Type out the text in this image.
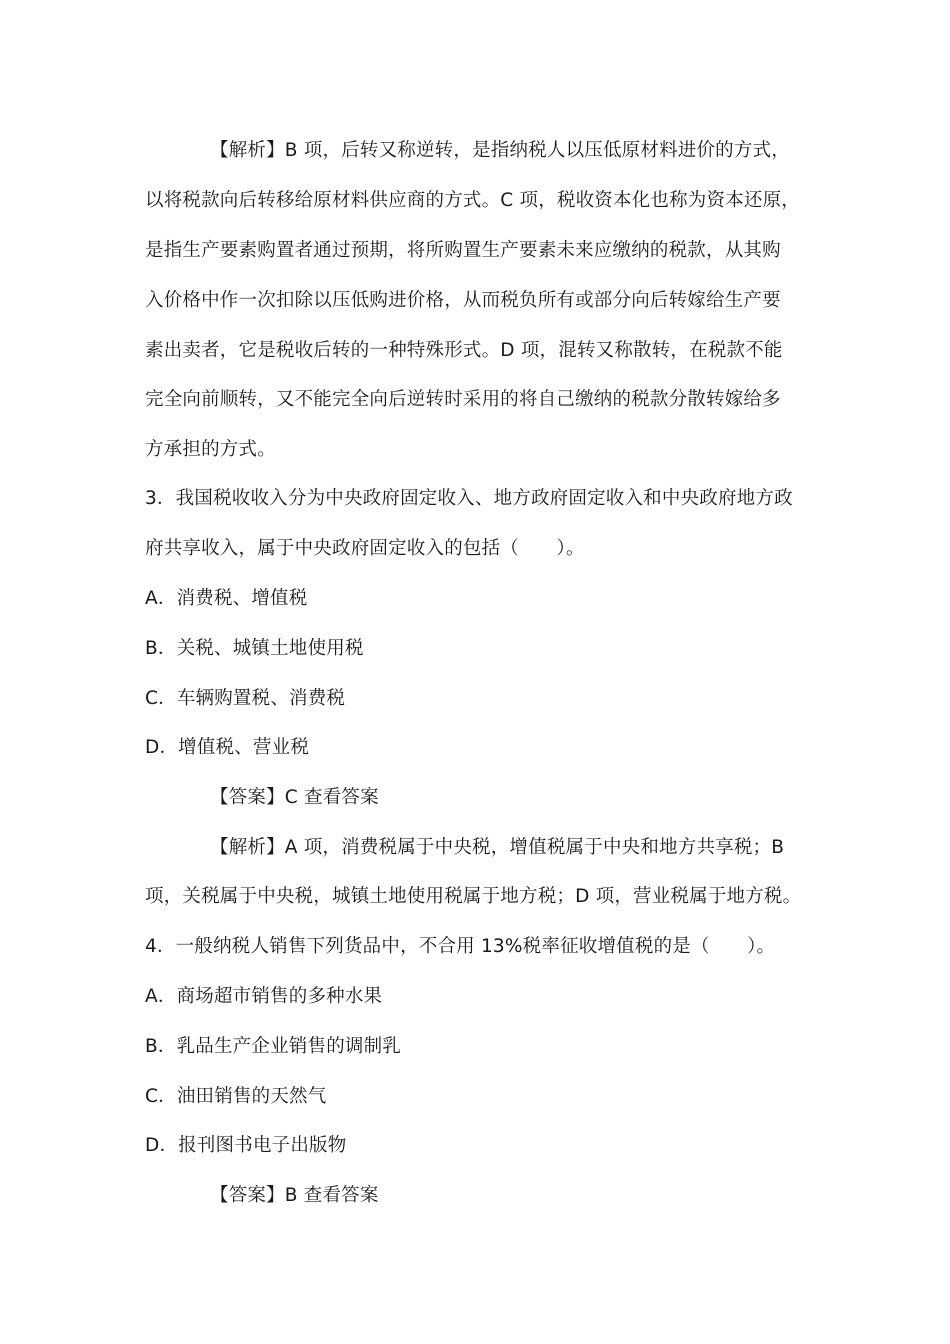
【解析】B 项，后转又称逆转，是指纳税人以压低原材料进价的方式，
以将税款向后转移给原材料供应商的方式。C 项，税收资本化也称为资本还原，
是指生产要素购置者通过预期，将所购置生产要素未来应缴纳的税款，从其购
入价格中作一次扣除以压低购进价格，从而税负所有或部分向后转嫁给生产要
素出卖者，它是税收后转的一种特殊形式。D 项，混转又称散转，在税款不能
完全向前顺转，又不能完全向后逆转时采用的将自己缴纳的税款分散转嫁给多
方承担的方式。
3．我国税收收入分为中央政府固定收入、地方政府固定收入和中央政府地方政
府共享收入，属于中央政府固定收入的包括（　　）。
A．消费税、增值税
B．关税、城镇土地使用税
C．车辆购置税、消费税
D．增值税、营业税
【答案】C 查看答案
【解析】A 项，消费税属于中央税，增值税属于中央和地方共享税；B
项，关税属于中央税，城镇土地使用税属于地方税；D 项，营业税属于地方税。
4．一般纳税人销售下列货品中，不合用 13%税率征收增值税的是（　　）。
A．商场超市销售的多种水果
B．乳品生产企业销售的调制乳
C．油田销售的天然气
D．报刊图书电子出版物
【答案】B 查看答案
